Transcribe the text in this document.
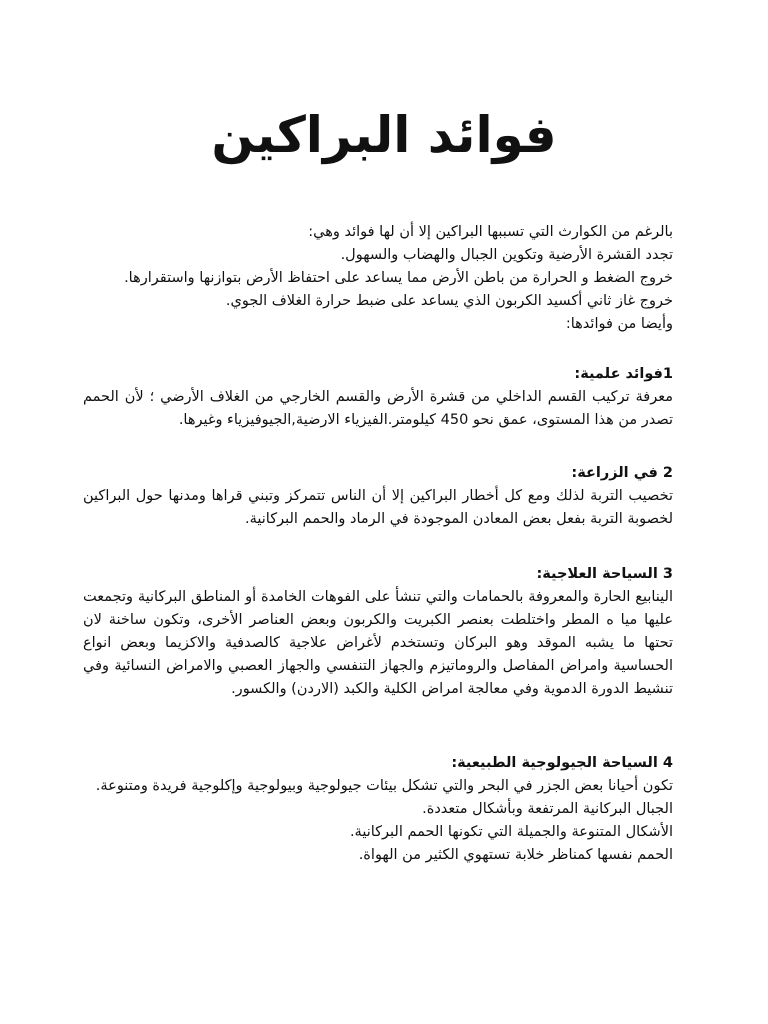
فوائد البراكين

بالرغم من الكوارث التي تسببها البراكين إلا أن لها فوائد وهي:

تجدد القشرة الأرضية وتكوين الجبال والهضاب والسهول.

خروج الضغط و الحرارة من باطن الأرض مما يساعد على احتفاظ الأرض بتوازنها واستقرارها.

خروج غاز ثاني أكسيد الكربون الذي يساعد على ضبط حرارة الغلاف الجوي.

وأيضا من فوائدها:

1فوائد علمية:

معرفة تركيب القسم الداخلي من قشرة الأرض والقسم الخارجي من الغلاف الأرضي ؛ لأن الحمم تصدر من هذا المستوى، عمق نحو 450 كيلومتر.الفيزياء الارضية,الجيوفيزياء وغيرها.

2 في الزراعة:

تخصيب التربة لذلك ومع كل أخطار البراكين إلا أن الناس تتمركز وتبني قراها ومدنها حول البراكين لخصوبة التربة بفعل بعض المعادن الموجودة في الرماد والحمم البركانية.

3 السياحة العلاجية:

الينابيع الحارة والمعروفة بالحمامات والتي تنشأ على الفوهات الخامدة أو المناطق البركانية وتجمعت عليها ميا ه المطر واختلطت بعنصر الكبريت والكربون وبعض العناصر الأخرى، وتكون ساخنة لان تحتها ما يشبه الموقد وهو البركان وتستخدم لأغراض علاجية كالصدفية والاكزيما وبعض انواع الحساسية وامراض المفاصل والروماتيزم والجهاز التنفسي والجهاز العصبي والامراض النسائية وفي تنشيط الدورة الدموية وفي معالجة امراض الكلية والكبد (الاردن) والكسور.

4 السياحة الجيولوجية الطبيعية:

تكون أحيانا بعض الجزر في البحر والتي تشكل بيئات جيولوجية وبيولوجية وإكلوجية فريدة ومتنوعة.

الجبال البركانية المرتفعة وبأشكال متعددة.

الأشكال المتنوعة والجميلة التي تكونها الحمم البركانية.

الحمم نفسها كمناظر خلابة تستهوي الكثير من الهواة.
